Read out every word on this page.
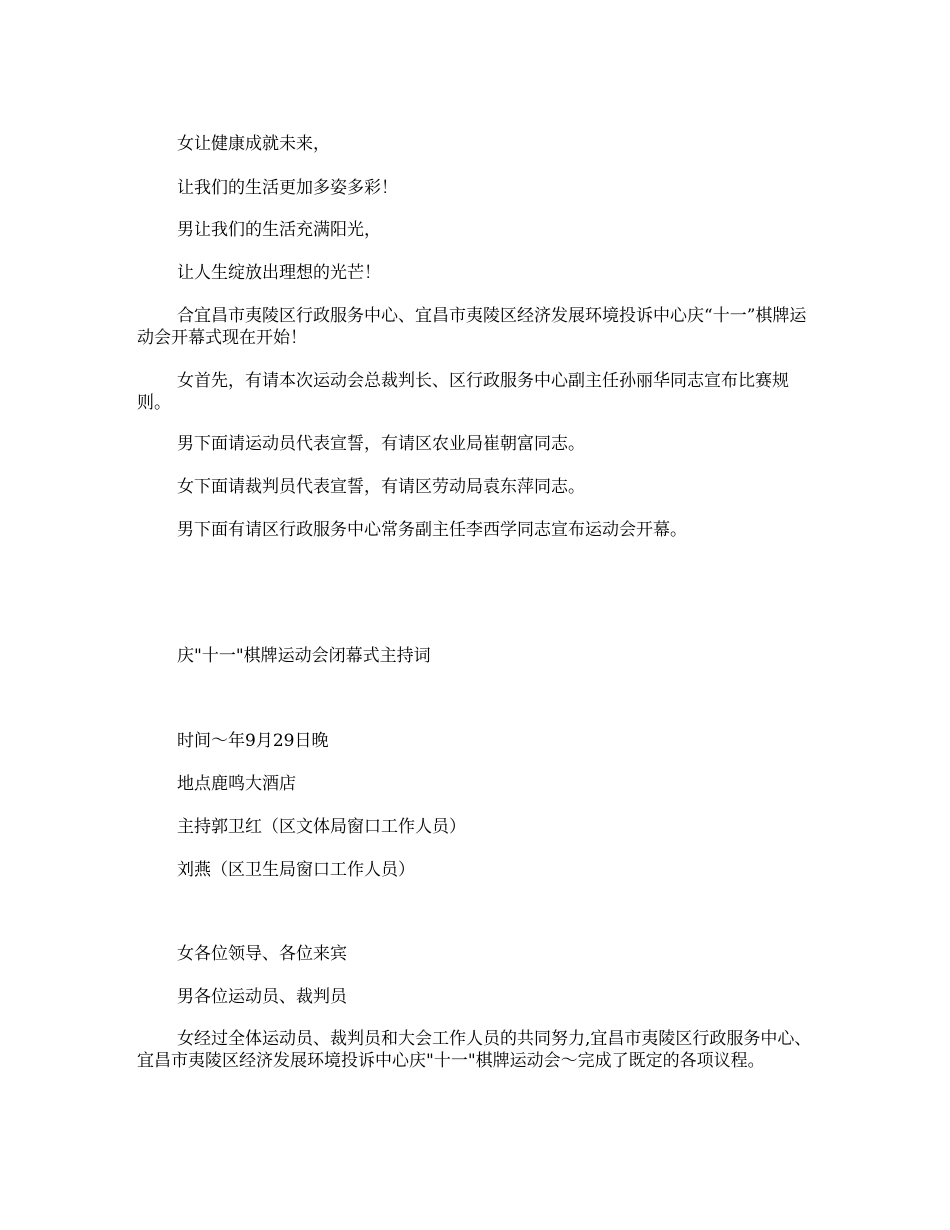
女让健康成就未来，

让我们的生活更加多姿多彩！

男让我们的生活充满阳光，

让人生绽放出理想的光芒！

合宜昌市夷陵区行政服务中心、宜昌市夷陵区经济发展环境投诉中心庆“十一”棋牌运动会开幕式现在开始！

女首先，有请本次运动会总裁判长、区行政服务中心副主任孙丽华同志宣布比赛规则。

男下面请运动员代表宣誓，有请区农业局崔朝富同志。

女下面请裁判员代表宣誓，有请区劳动局袁东萍同志。

男下面有请区行政服务中心常务副主任李西学同志宣布运动会开幕。

庆"十一"棋牌运动会闭幕式主持词

时间～年9月29日晚

地点鹿鸣大酒店

主持郭卫红（区文体局窗口工作人员）

刘燕（区卫生局窗口工作人员）

女各位领导、各位来宾

男各位运动员、裁判员

女经过全体运动员、裁判员和大会工作人员的共同努力,宜昌市夷陵区行政服务中心、宜昌市夷陵区经济发展环境投诉中心庆"十一"棋牌运动会～完成了既定的各项议程。
